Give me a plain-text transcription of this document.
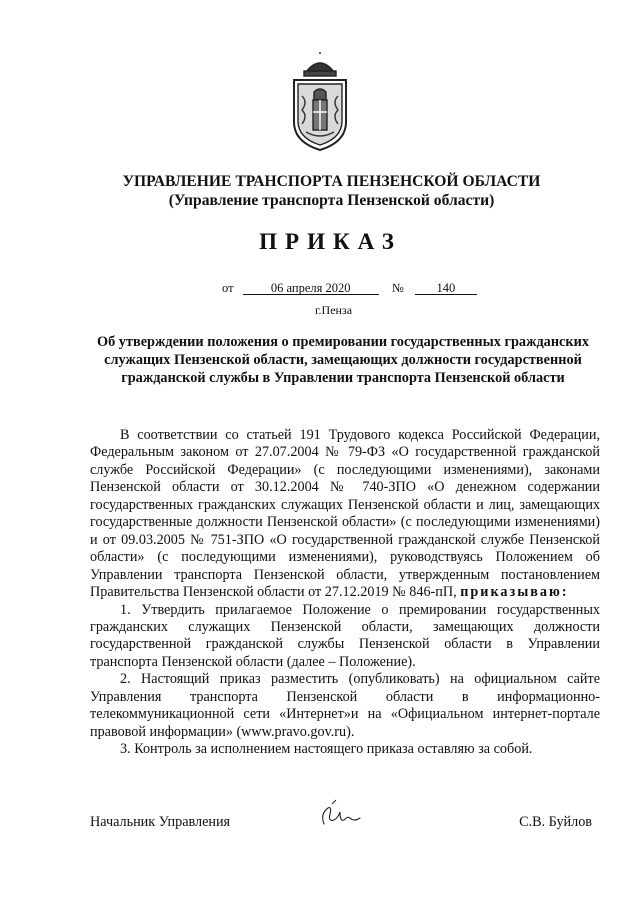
УПРАВЛЕНИЕ ТРАНСПОРТА ПЕНЗЕНСКОЙ ОБЛАСТИ
(Управление транспорта Пензенской области)
ПРИКАЗ
от	06 апреля 2020	№	140
г.Пенза
Об утверждении положения о премировании государственных гражданских служащих Пензенской области, замещающих должности государственной гражданской службы в Управлении транспорта Пензенской области

В соответствии со статьей 191 Трудового кодекса Российской Федерации, Федеральным законом от 27.07.2004 № 79-ФЗ «О государственной гражданской службе Российской Федерации» (с последующими изменениями), законами Пензенской области от 30.12.2004 № 740-ЗПО «О денежном содержании государственных гражданских служащих Пензенской области и лиц, замещающих государственные должности Пензенской области» (с последующими изменениями) и от 09.03.2005 № 751-ЗПО «О государственной гражданской службе Пензенской области» (с последующими изменениями), руководствуясь Положением об Управлении транспорта Пензенской области, утвержденным постановлением Правительства Пензенской области от 27.12.2019 № 846-пП, приказываю:

1. Утвердить прилагаемое Положение о премировании государственных гражданских служащих Пензенской области, замещающих должности государственной гражданской службы Пензенской области в Управлении транспорта Пензенской области (далее – Положение).

2. Настоящий приказ разместить (опубликовать) на официальном сайте Управления транспорта Пензенской области в информационно-телекоммуникационной сети «Интернет»и на «Официальном интернет-портале правовой информации» (www.pravo.gov.ru).

3. Контроль за исполнением настоящего приказа оставляю за собой.

Начальник Управления	С.В. Буйлов
